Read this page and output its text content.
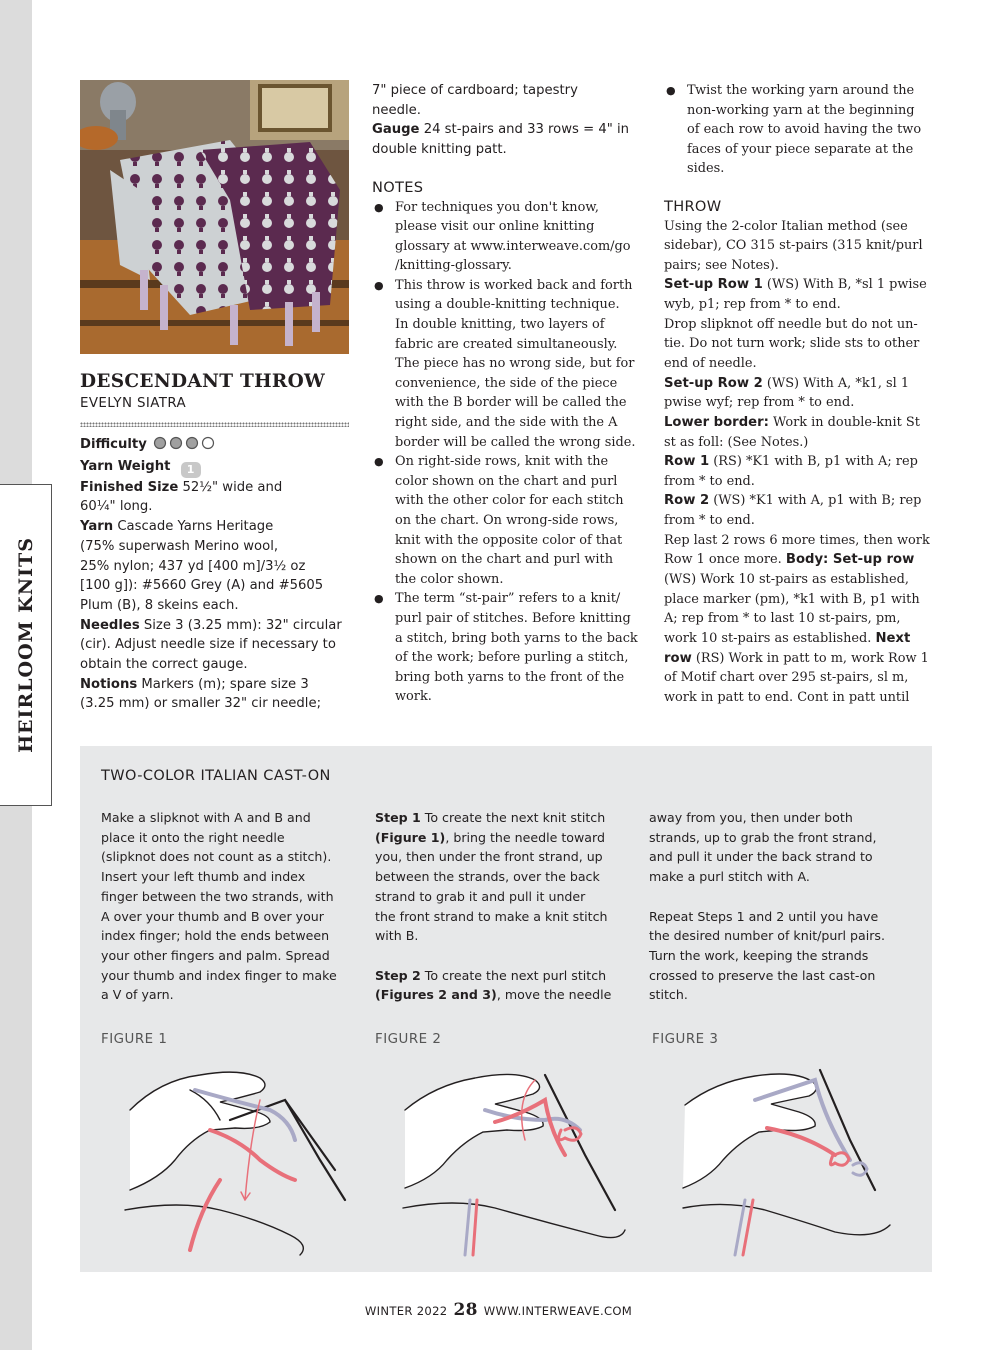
HEIRLOOM KNITS
DESCENDANT THROW
EVELYN SIATRA
Difficulty
Yarn Weight 1
Finished Size 52½" wide and
60¼" long.
Yarn Cascade Yarns Heritage
(75% superwash Merino wool,
25% nylon; 437 yd [400 m]/3½ oz
[100 g]): #5660 Grey (A) and #5605
Plum (B), 8 skeins each.
Needles Size 3 (3.25 mm): 32" circular
(cir). Adjust needle size if necessary to
obtain the correct gauge.
Notions Markers (m); spare size 3
(3.25 mm) or smaller 32" cir needle;
7" piece of cardboard; tapestry
needle.
Gauge 24 st-pairs and 33 rows = 4" in
double knitting patt.
NOTES
● For techniques you don't know,
please visit our online knitting
glossary at www.interweave.com/go
/knitting-glossary.
● This throw is worked back and forth
using a double-knitting technique.
In double knitting, two layers of
fabric are created simultaneously.
The piece has no wrong side, but for
convenience, the side of the piece
with the B border will be called the
right side, and the side with the A
border will be called the wrong side.
● On right-side rows, knit with the
color shown on the chart and purl
with the other color for each stitch
on the chart. On wrong-side rows,
knit with the opposite color of that
shown on the chart and purl with
the color shown.
● The term “st-pair” refers to a knit/
purl pair of stitches. Before knitting
a stitch, bring both yarns to the back
of the work; before purling a stitch,
bring both yarns to the front of the
work.
● Twist the working yarn around the
non-working yarn at the beginning
of each row to avoid having the two
faces of your piece separate at the
sides.
THROW
Using the 2-color Italian method (see
sidebar), CO 315 st-pairs (315 knit/purl
pairs; see Notes).
Set-up Row 1 (WS) With B, *sl 1 pwise
wyb, p1; rep from * to end.
Drop slipknot off needle but do not un-
tie. Do not turn work; slide sts to other
end of needle.
Set-up Row 2 (WS) With A, *k1, sl 1
pwise wyf; rep from * to end.
Lower border: Work in double-knit St
st as foll: (See Notes.)
Row 1 (RS) *K1 with B, p1 with A; rep
from * to end.
Row 2 (WS) *K1 with A, p1 with B; rep
from * to end.
Rep last 2 rows 6 more times, then work
Row 1 once more. Body: Set-up row
(WS) Work 10 st-pairs as established,
place marker (pm), *k1 with B, p1 with
A; rep from * to last 10 st-pairs, pm,
work 10 st-pairs as established. Next
row (RS) Work in patt to m, work Row 1
of Motif chart over 295 st-pairs, sl m,
work in patt to end. Cont in patt until
TWO-COLOR ITALIAN CAST-ON
Make a slipknot with A and B and
place it onto the right needle
(slipknot does not count as a stitch).
Insert your left thumb and index
finger between the two strands, with
A over your thumb and B over your
index finger; hold the ends between
your other fingers and palm. Spread
your thumb and index finger to make
a V of yarn.
Step 1 To create the next knit stitch
(Figure 1), bring the needle toward
you, then under the front strand, up
between the strands, over the back
strand to grab it and pull it under
the front strand to make a knit stitch
with B.
Step 2 To create the next purl stitch
(Figures 2 and 3), move the needle
away from you, then under both
strands, up to grab the front strand,
and pull it under the back strand to
make a purl stitch with A.
Repeat Steps 1 and 2 until you have
the desired number of knit/purl pairs.
Turn the work, keeping the strands
crossed to preserve the last cast-on
stitch.
FIGURE 1	FIGURE 2	FIGURE 3
WINTER 2022 28 WWW.INTERWEAVE.COM
